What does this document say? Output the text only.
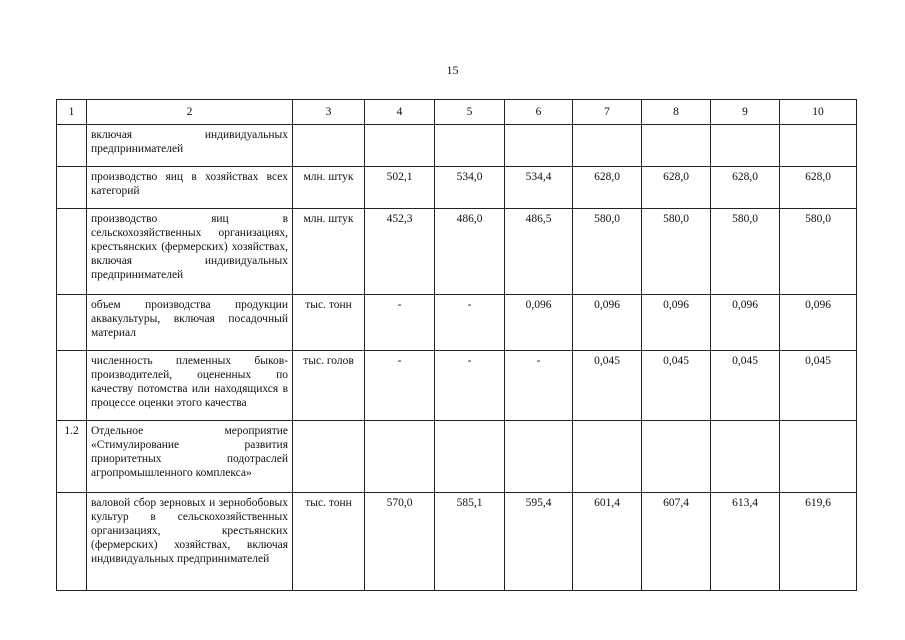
15
1	2	3	4	5	6	7	8	9	10
	включая индивидуальных предпринимателей								
	производство яиц в хозяйствах всех категорий	млн. штук	502,1	534,0	534,4	628,0	628,0	628,0	628,0
	производство яиц в сельскохозяйственных организациях, крестьянских (фермерских) хозяйствах, включая индивидуальных предпринимателей	млн. штук	452,3	486,0	486,5	580,0	580,0	580,0	580,0
	объем производства продукции аквакультуры, включая посадочный материал	тыс. тонн	-	-	0,096	0,096	0,096	0,096	0,096
	численность племенных быков-производителей, оцененных по качеству потомства или находящихся в процессе оценки этого качества	тыс. голов	-	-	-	0,045	0,045	0,045	0,045
1.2	Отдельное мероприятие «Стимулирование развития приоритетных подотраслей агропромышленного комплекса»								
	валовой сбор зерновых и зернобобовых культур в сельскохозяйственных организациях, крестьянских (фермерских) хозяйствах, включая индивидуальных предпринимателей	тыс. тонн	570,0	585,1	595,4	601,4	607,4	613,4	619,6
